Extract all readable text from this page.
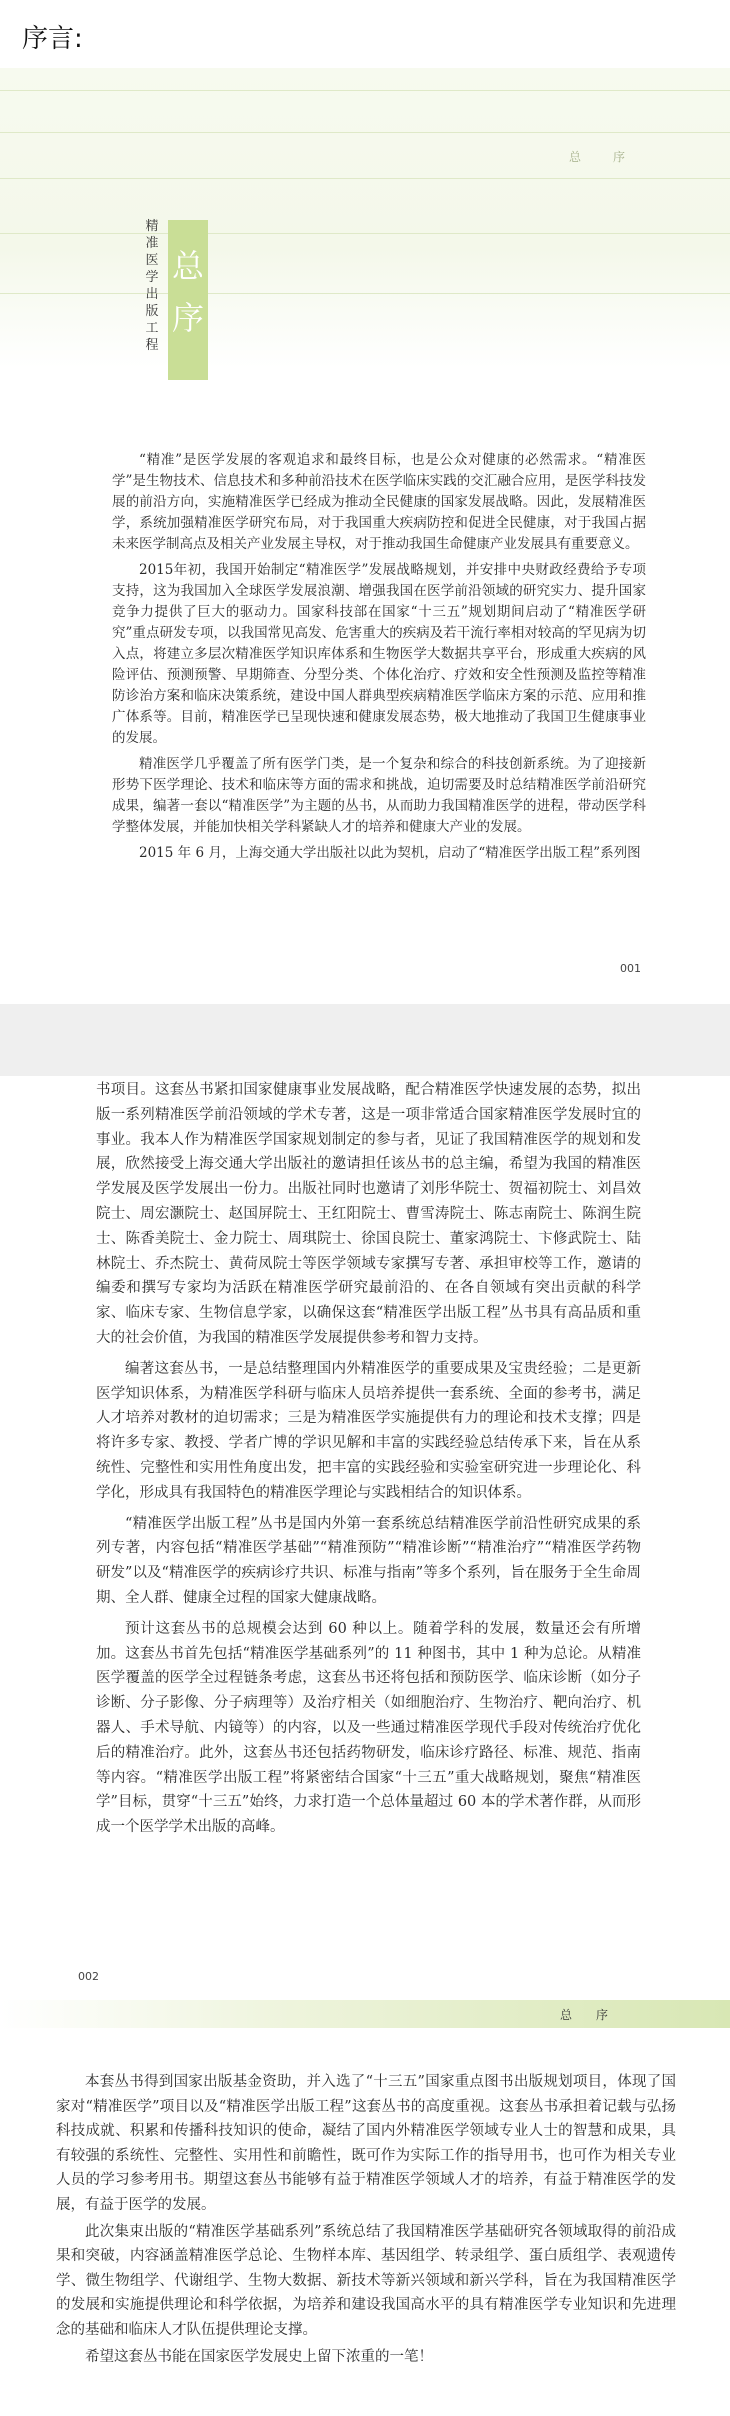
序言:
总　序
精准医学出版工程
总序

“精准”是医学发展的客观追求和最终目标，也是公众对健康的必然需求。“精准医学”是生物技术、信息技术和多种前沿技术在医学临床实践的交汇融合应用，是医学科技发展的前沿方向，实施精准医学已经成为推动全民健康的国家发展战略。因此，发展精准医学，系统加强精准医学研究布局，对于我国重大疾病防控和促进全民健康，对于我国占据未来医学制高点及相关产业发展主导权，对于推动我国生命健康产业发展具有重要意义。

2015年初，我国开始制定“精准医学”发展战略规划，并安排中央财政经费给予专项支持，这为我国加入全球医学发展浪潮、增强我国在医学前沿领域的研究实力、提升国家竞争力提供了巨大的驱动力。国家科技部在国家“十三五”规划期间启动了“精准医学研究”重点研发专项，以我国常见高发、危害重大的疾病及若干流行率相对较高的罕见病为切入点，将建立多层次精准医学知识库体系和生物医学大数据共享平台，形成重大疾病的风险评估、预测预警、早期筛查、分型分类、个体化治疗、疗效和安全性预测及监控等精准防诊治方案和临床决策系统，建设中国人群典型疾病精准医学临床方案的示范、应用和推广体系等。目前，精准医学已呈现快速和健康发展态势，极大地推动了我国卫生健康事业的发展。

精准医学几乎覆盖了所有医学门类，是一个复杂和综合的科技创新系统。为了迎接新形势下医学理论、技术和临床等方面的需求和挑战，迫切需要及时总结精准医学前沿研究成果，编著一套以“精准医学”为主题的丛书，从而助力我国精准医学的进程，带动医学科学整体发展，并能加快相关学科紧缺人才的培养和健康大产业的发展。

2015 年 6 月，上海交通大学出版社以此为契机，启动了“精准医学出版工程”系列图

001

书项目。这套丛书紧扣国家健康事业发展战略，配合精准医学快速发展的态势，拟出版一系列精准医学前沿领域的学术专著，这是一项非常适合国家精准医学发展时宜的事业。我本人作为精准医学国家规划制定的参与者，见证了我国精准医学的规划和发展，欣然接受上海交通大学出版社的邀请担任该丛书的总主编，希望为我国的精准医学发展及医学发展出一份力。出版社同时也邀请了刘彤华院士、贺福初院士、刘昌效院士、周宏灏院士、赵国屏院士、王红阳院士、曹雪涛院士、陈志南院士、陈润生院士、陈香美院士、金力院士、周琪院士、徐国良院士、董家鸿院士、卞修武院士、陆林院士、乔杰院士、黄荷凤院士等医学领域专家撰写专著、承担审校等工作，邀请的编委和撰写专家均为活跃在精准医学研究最前沿的、在各自领域有突出贡献的科学家、临床专家、生物信息学家，以确保这套“精准医学出版工程”丛书具有高品质和重大的社会价值，为我国的精准医学发展提供参考和智力支持。

编著这套丛书，一是总结整理国内外精准医学的重要成果及宝贵经验；二是更新医学知识体系，为精准医学科研与临床人员培养提供一套系统、全面的参考书，满足人才培养对教材的迫切需求；三是为精准医学实施提供有力的理论和技术支撑；四是将许多专家、教授、学者广博的学识见解和丰富的实践经验总结传承下来，旨在从系统性、完整性和实用性角度出发，把丰富的实践经验和实验室研究进一步理论化、科学化，形成具有我国特色的精准医学理论与实践相结合的知识体系。

“精准医学出版工程”丛书是国内外第一套系统总结精准医学前沿性研究成果的系列专著，内容包括“精准医学基础”“精准预防”“精准诊断”“精准治疗”“精准医学药物研发”以及“精准医学的疾病诊疗共识、标准与指南”等多个系列，旨在服务于全生命周期、全人群、健康全过程的国家大健康战略。

预计这套丛书的总规模会达到 60 种以上。随着学科的发展，数量还会有所增加。这套丛书首先包括“精准医学基础系列”的 11 种图书，其中 1 种为总论。从精准医学覆盖的医学全过程链条考虑，这套丛书还将包括和预防医学、临床诊断（如分子诊断、分子影像、分子病理等）及治疗相关（如细胞治疗、生物治疗、靶向治疗、机器人、手术导航、内镜等）的内容，以及一些通过精准医学现代手段对传统治疗优化后的精准治疗。此外，这套丛书还包括药物研发，临床诊疗路径、标准、规范、指南等内容。“精准医学出版工程”将紧密结合国家“十三五”重大战略规划，聚焦“精准医学”目标，贯穿“十三五”始终，力求打造一个总体量超过 60 本的学术著作群，从而形成一个医学学术出版的高峰。

002
总　序

本套丛书得到国家出版基金资助，并入选了“十三五”国家重点图书出版规划项目，体现了国家对“精准医学”项目以及“精准医学出版工程”这套丛书的高度重视。这套丛书承担着记载与弘扬科技成就、积累和传播科技知识的使命，凝结了国内外精准医学领域专业人士的智慧和成果，具有较强的系统性、完整性、实用性和前瞻性，既可作为实际工作的指导用书，也可作为相关专业人员的学习参考用书。期望这套丛书能够有益于精准医学领域人才的培养，有益于精准医学的发展，有益于医学的发展。

此次集束出版的“精准医学基础系列”系统总结了我国精准医学基础研究各领域取得的前沿成果和突破，内容涵盖精准医学总论、生物样本库、基因组学、转录组学、蛋白质组学、表观遗传学、微生物组学、代谢组学、生物大数据、新技术等新兴领域和新兴学科，旨在为我国精准医学的发展和实施提供理论和科学依据，为培养和建设我国高水平的具有精准医学专业知识和先进理念的基础和临床人才队伍提供理论支撑。

希望这套丛书能在国家医学发展史上留下浓重的一笔！
